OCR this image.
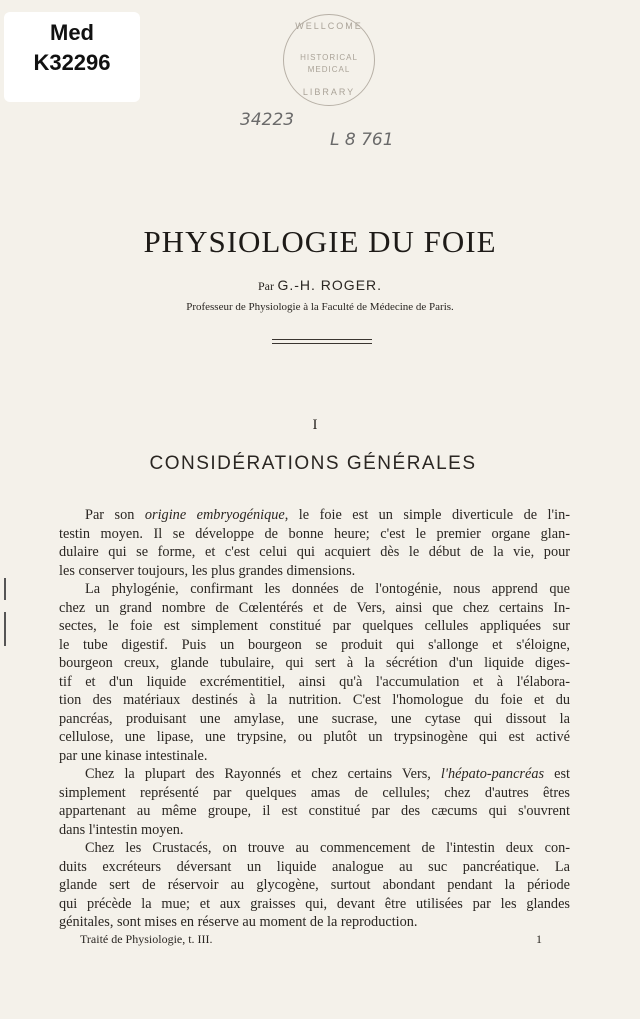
Med
K32296
WELLCOME
HISTORICAL
MEDICAL
LIBRARY
34223
L 8 761
PHYSIOLOGIE DU FOIE
Par G.-H. ROGER.
Professeur de Physiologie à la Faculté de Médecine de Paris.
I
CONSIDÉRATIONS GÉNÉRALES
Par son origine embryogénique, le foie est un simple diverticule de l'in-
testin moyen. Il se développe de bonne heure; c'est le premier organe glan-
dulaire qui se forme, et c'est celui qui acquiert dès le début de la vie, pour
les conserver toujours, les plus grandes dimensions.
La phylogénie, confirmant les données de l'ontogénie, nous apprend que
chez un grand nombre de Cœlentérés et de Vers, ainsi que chez certains In-
sectes, le foie est simplement constitué par quelques cellules appliquées sur
le tube digestif. Puis un bourgeon se produit qui s'allonge et s'éloigne,
bourgeon creux, glande tubulaire, qui sert à la sécrétion d'un liquide diges-
tif et d'un liquide excrémentitiel, ainsi qu'à l'accumulation et à l'élabora-
tion des matériaux destinés à la nutrition. C'est l'homologue du foie et du
pancréas, produisant une amylase, une sucrase, une cytase qui dissout la
cellulose, une lipase, une trypsine, ou plutôt un trypsinogène qui est activé
par une kinase intestinale.
Chez la plupart des Rayonnés et chez certains Vers, l'hépato-pancréas est
simplement représenté par quelques amas de cellules; chez d'autres êtres
appartenant au même groupe, il est constitué par des cæcums qui s'ouvrent
dans l'intestin moyen.
Chez les Crustacés, on trouve au commencement de l'intestin deux con-
duits excréteurs déversant un liquide analogue au suc pancréatique. La
glande sert de réservoir au glycogène, surtout abondant pendant la période
qui précède la mue; et aux graisses qui, devant être utilisées par les glandes
génitales, sont mises en réserve au moment de la reproduction.
Traité de Physiologie, t. III.	1
